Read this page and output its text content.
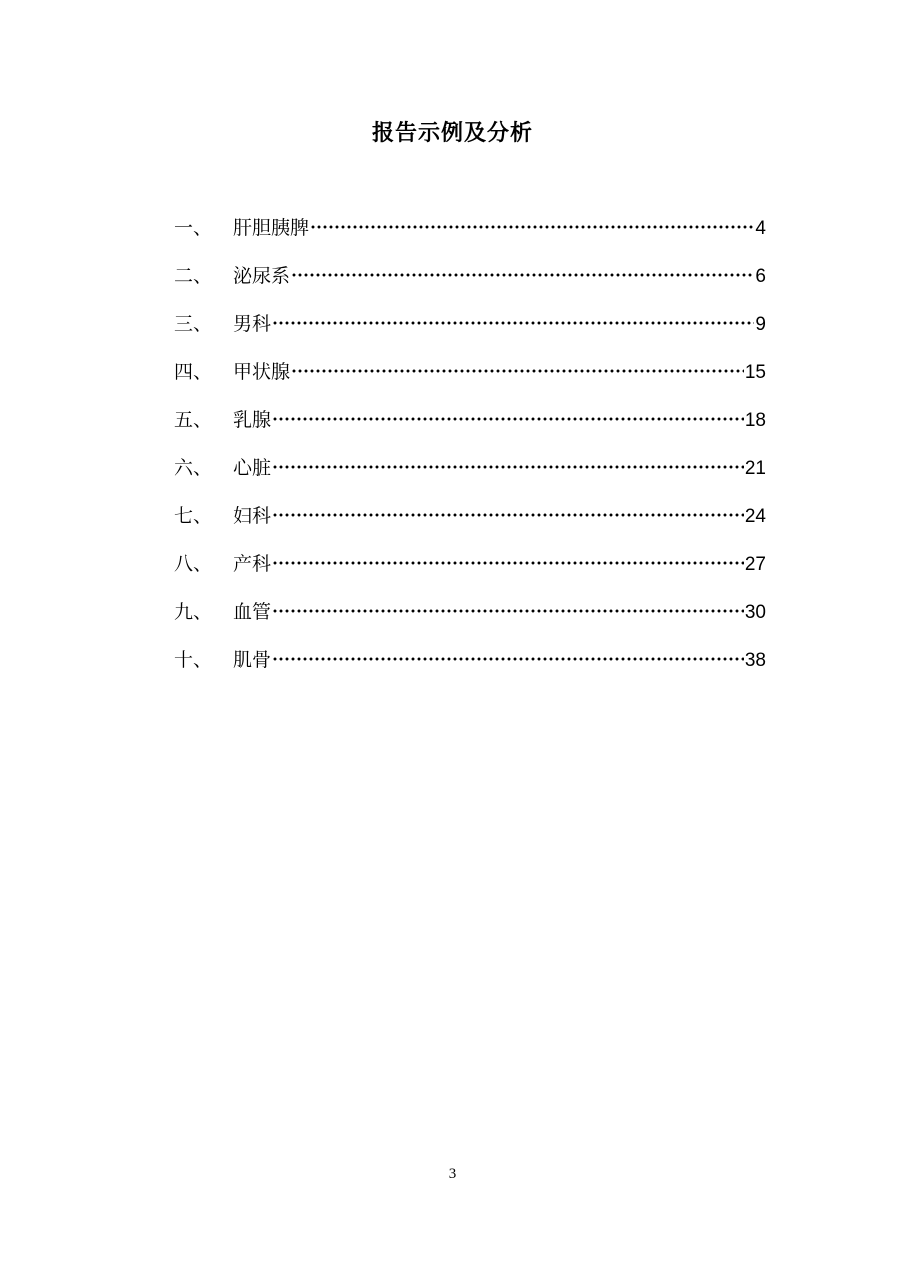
报告示例及分析
一、	肝胆胰脾	4
二、	泌尿系	6
三、	男科	9
四、	甲状腺	15
五、	乳腺	18
六、	心脏	21
七、	妇科	24
八、	产科	27
九、	血管	30
十、	肌骨	38
3
